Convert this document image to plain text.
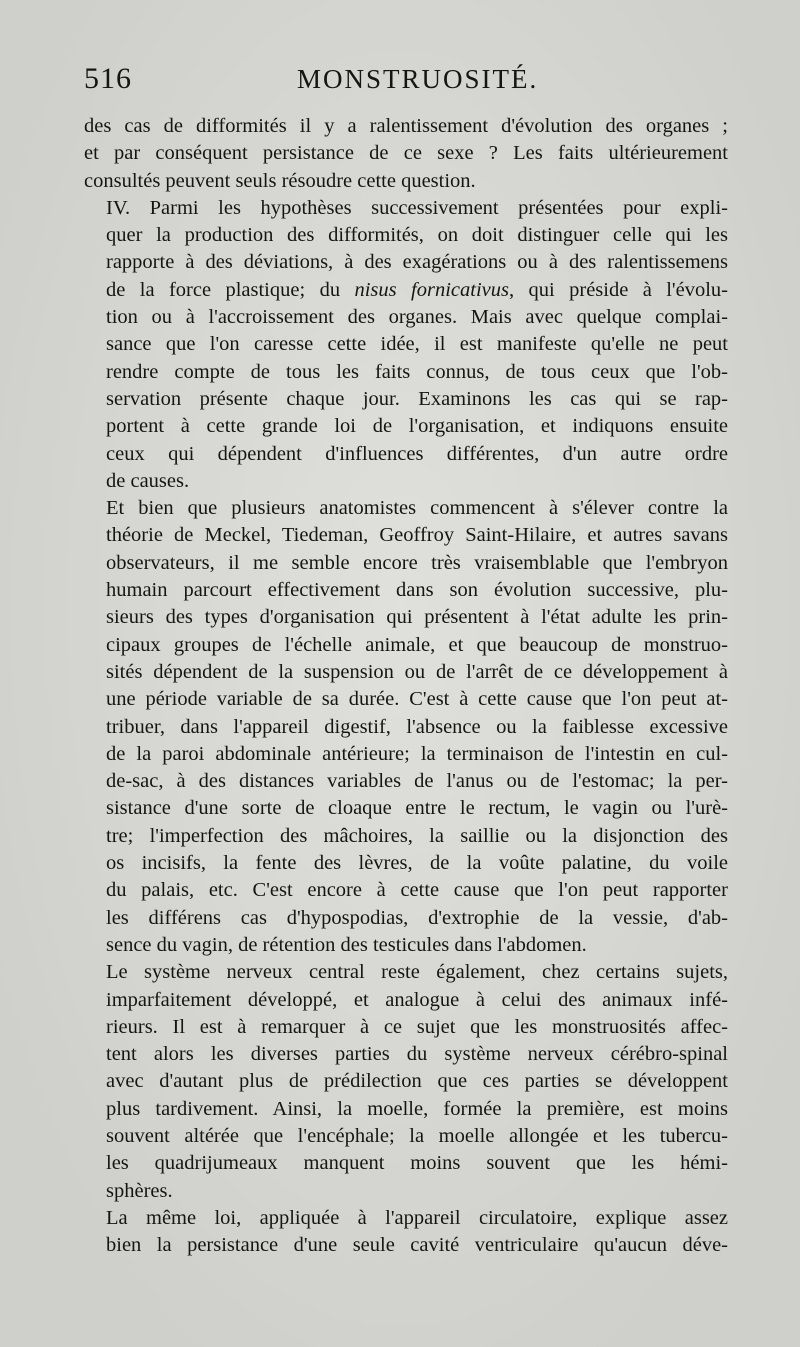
516	MONSTRUOSITÉ.

des cas de difformités il y a ralentissement d'évolution des organes ;
et par conséquent persistance de ce sexe ? Les faits ultérieurement
consultés peuvent seuls résoudre cette question.

IV. Parmi les hypothèses successivement présentées pour expli-
quer la production des difformités, on doit distinguer celle qui les
rapporte à des déviations, à des exagérations ou à des ralentissemens
de la force plastique; du nisus fornicativus, qui préside à l'évolu-
tion ou à l'accroissement des organes. Mais avec quelque complai-
sance que l'on caresse cette idée, il est manifeste qu'elle ne peut
rendre compte de tous les faits connus, de tous ceux que l'ob-
servation présente chaque jour. Examinons les cas qui se rap-
portent à cette grande loi de l'organisation, et indiquons ensuite
ceux qui dépendent d'influences différentes, d'un autre ordre
de causes.

Et bien que plusieurs anatomistes commencent à s'élever contre la
théorie de Meckel, Tiedeman, Geoffroy Saint-Hilaire, et autres savans
observateurs, il me semble encore très vraisemblable que l'embryon
humain parcourt effectivement dans son évolution successive, plu-
sieurs des types d'organisation qui présentent à l'état adulte les prin-
cipaux groupes de l'échelle animale, et que beaucoup de monstruo-
sités dépendent de la suspension ou de l'arrêt de ce développement à
une période variable de sa durée. C'est à cette cause que l'on peut at-
tribuer, dans l'appareil digestif, l'absence ou la faiblesse excessive
de la paroi abdominale antérieure; la terminaison de l'intestin en cul-
de-sac, à des distances variables de l'anus ou de l'estomac; la per-
sistance d'une sorte de cloaque entre le rectum, le vagin ou l'urè-
tre; l'imperfection des mâchoires, la saillie ou la disjonction des
os incisifs, la fente des lèvres, de la voûte palatine, du voile
du palais, etc. C'est encore à cette cause que l'on peut rapporter
les différens cas d'hypospodias, d'extrophie de la vessie, d'ab-
sence du vagin, de rétention des testicules dans l'abdomen.

Le système nerveux central reste également, chez certains sujets,
imparfaitement développé, et analogue à celui des animaux infé-
rieurs. Il est à remarquer à ce sujet que les monstruosités affec-
tent alors les diverses parties du système nerveux cérébro-spinal
avec d'autant plus de prédilection que ces parties se développent
plus tardivement. Ainsi, la moelle, formée la première, est moins
souvent altérée que l'encéphale; la moelle allongée et les tubercu-
les quadrijumeaux manquent moins souvent que les hémi-
sphères.

La même loi, appliquée à l'appareil circulatoire, explique assez
bien la persistance d'une seule cavité ventriculaire qu'aucun déve-
